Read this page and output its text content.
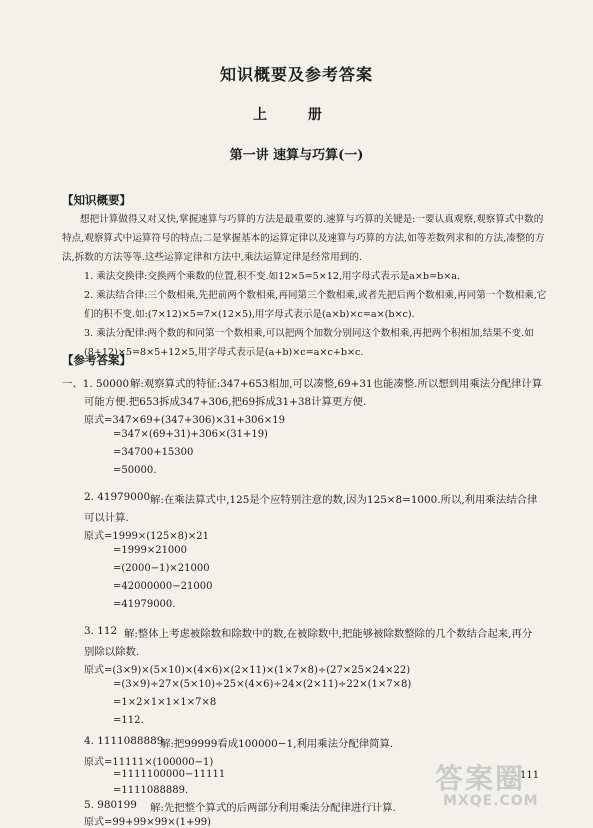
知识概要及参考答案
上 册
第一讲 速算与巧算(一)
【知识概要】
想把计算做得又对又快,掌握速算与巧算的方法是最重要的.速算与巧算的关键是:一要认真观察,观察算式中数的特点,观察算式中运算符号的特点;二是掌握基本的运算定律以及速算与巧算的方法,如等差数列求和的方法,凑整的方法,拆数的方法等等.这些运算定律和方法中,乘法运算定律是经常用到的.
1. 乘法交换律:交换两个乘数的位置,积不变.如12×5=5×12,用字母式表示是a×b=b×a.
2. 乘法结合律:三个数相乘,先把前两个数相乘,再同第三个数相乘,或者先把后两个数相乘,再同第一个数相乘,它们的积不变.如:(7×12)×5=7×(12×5),用字母式表示是(a×b)×c=a×(b×c).
3. 乘法分配律:两个数的和同第一个数相乘,可以把两个加数分别同这个数相乘,再把两个积相加,结果不变.如(8+12)×5=8×5+12×5,用字母式表示是(a+b)×c=a×c+b×c.
【参考答案】
一、1. 50000 解:观察算式的特征:347+653相加,可以凑整,69+31也能凑整.所以想到用乘法分配律计算
可能方便.把653拆成347+306,把69拆成31+38计算更方便.
原式=347×69+(347+306)×31+306×19
=347×(69+31)+306×(31+19)
=34700+15300
=50000.
2. 41979000 解:在乘法算式中,125是个应特别注意的数,因为125×8=1000.所以,利用乘法结合律
可以计算.
原式=1999×(125×8)×21
=1999×21000
=(2000−1)×21000
=42000000−21000
=41979000.
3. 112 解:整体上考虑被除数和除数中的数,在被除数中,把能够被除数整除的几个数结合起来,再分
别除以除数.
原式=(3×9)×(5×10)×(4×6)×(2×11)×(1×7×8)÷(27×25×24×22)
=(3×9)÷27×(5×10)÷25×(4×6)÷24×(2×11)÷22×(1×7×8)
=1×2×1×1×1×7×8
=112.
4. 1111088889
解:把99999看成100000−1,利用乘法分配律简算.
原式=11111×(100000−1)
=1111100000−11111
=1111088889.
5. 980199 解:先把整个算式的后两部分利用乘法分配律进行计算.
原式=99+99×99×(1+99)
111
答案圈
MXQE.COM
